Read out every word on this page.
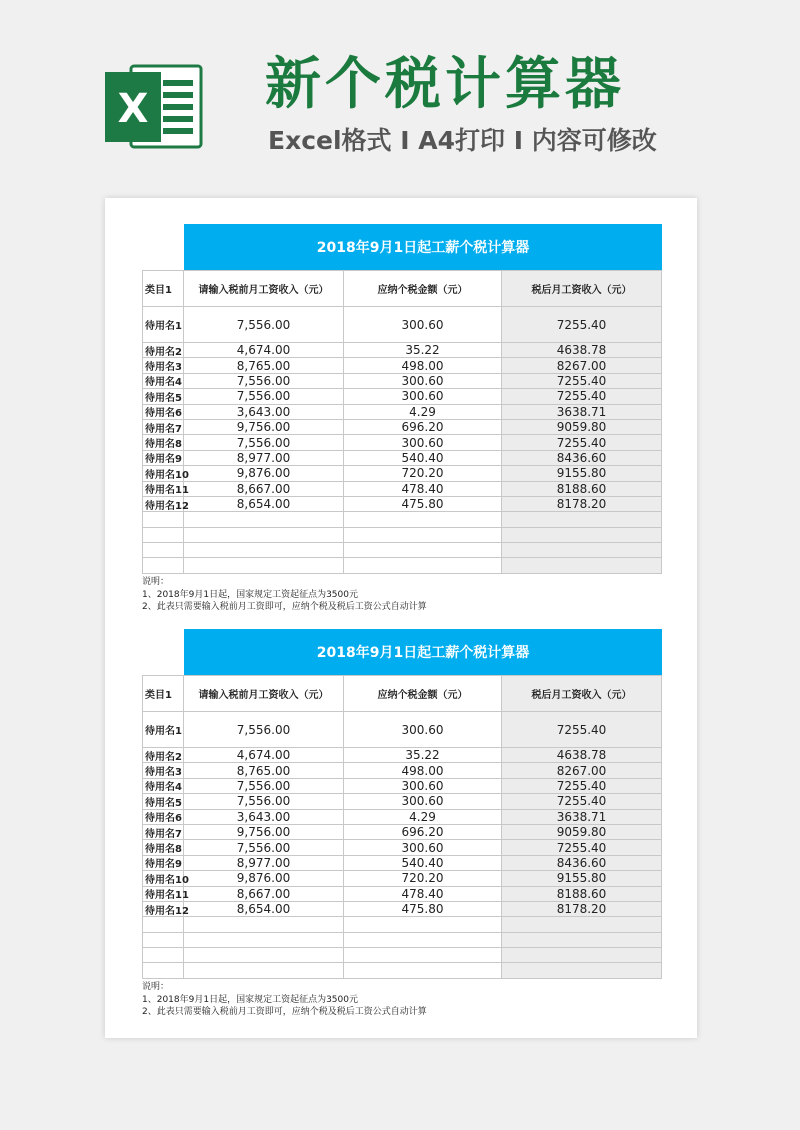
X 新个税计算器
Excel格式 I A4打印 I 内容可修改
2018年9月1日起工薪个税计算器
类目1	请输入税前月工资收入（元）	应纳个税金额（元）	税后月工资收入（元）
待用名1	7,556.00	300.60	7255.40
待用名2	4,674.00	35.22	4638.78
待用名3	8,765.00	498.00	8267.00
待用名4	7,556.00	300.60	7255.40
待用名5	7,556.00	300.60	7255.40
待用名6	3,643.00	4.29	3638.71
待用名7	9,756.00	696.20	9059.80
待用名8	7,556.00	300.60	7255.40
待用名9	8,977.00	540.40	8436.60
待用名10	9,876.00	720.20	9155.80
待用名11	8,667.00	478.40	8188.60
待用名12	8,654.00	475.80	8178.20
说明：
1、2018年9月1日起，国家规定工资起征点为3500元
2、此表只需要输入税前月工资即可，应纳个税及税后工资公式自动计算
2018年9月1日起工薪个税计算器
类目1	请输入税前月工资收入（元）	应纳个税金额（元）	税后月工资收入（元）
待用名1	7,556.00	300.60	7255.40
待用名2	4,674.00	35.22	4638.78
待用名3	8,765.00	498.00	8267.00
待用名4	7,556.00	300.60	7255.40
待用名5	7,556.00	300.60	7255.40
待用名6	3,643.00	4.29	3638.71
待用名7	9,756.00	696.20	9059.80
待用名8	7,556.00	300.60	7255.40
待用名9	8,977.00	540.40	8436.60
待用名10	9,876.00	720.20	9155.80
待用名11	8,667.00	478.40	8188.60
待用名12	8,654.00	475.80	8178.20
说明：
1、2018年9月1日起，国家规定工资起征点为3500元
2、此表只需要输入税前月工资即可，应纳个税及税后工资公式自动计算
